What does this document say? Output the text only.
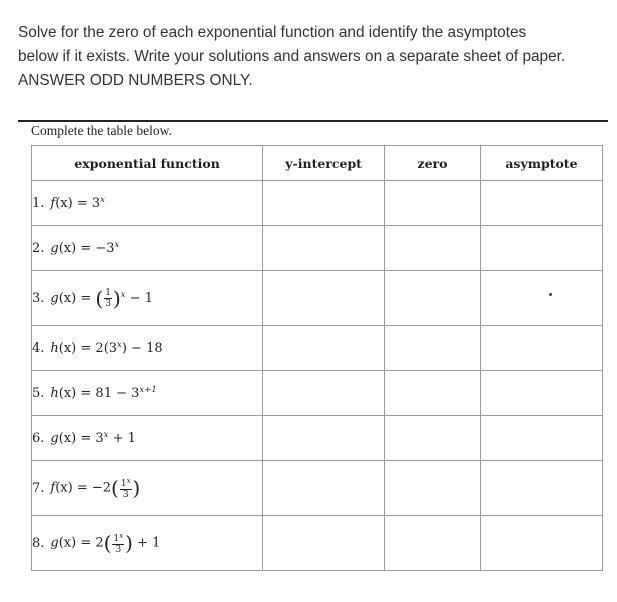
Solve for the zero of each exponential function and identify the asymptotes
below if it exists. Write your solutions and answers on a separate sheet of paper.
ANSWER ODD NUMBERS ONLY.
Complete the table below.
exponential function	y-intercept	zero	asymptote
1. $f(x) = 3^x$			
2. $g(x) = -3^x$			
3. g(x) = ( $\frac{1}{3} )^x - 1$			
4. $h(x) = 2(3^x) - 18$			
5. $h(x) = 81 - 3^{x+1}$			
6. $g(x) = 3^x + 1$			
7. $f(x) = -2( \frac{1^x}{3}$ )			
8. $g(x) = 2( \frac{1^x}{3}$ ) + 1			
